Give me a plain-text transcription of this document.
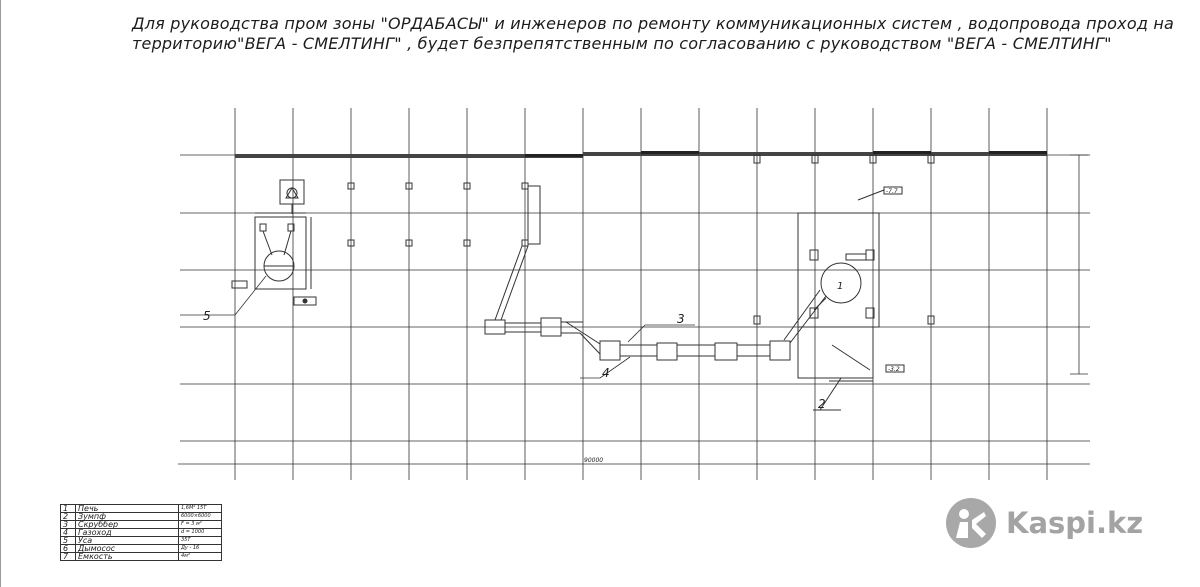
Для руководства пром зоны "ОРДАБАСЫ" и инженеров по ремонту коммуникационных систем , водопровода проход на территорию"ВЕГА - СМЕЛТИНГ" , будет безпрепятственным по согласованию с руководством "ВЕГА - СМЕЛТИНГ"

1
2
3
4
5
90000
-7.7
-3.2
1	Печь	1,6М² 15Т
2	Зумпф	6000×6000
3	Скруббер	F = 3 м²
4	Газоход	d = 1000
5	Уса	35Т
6	Дымосос	Ду - 16
7	Емкость	4м²
Kaspi.kz
